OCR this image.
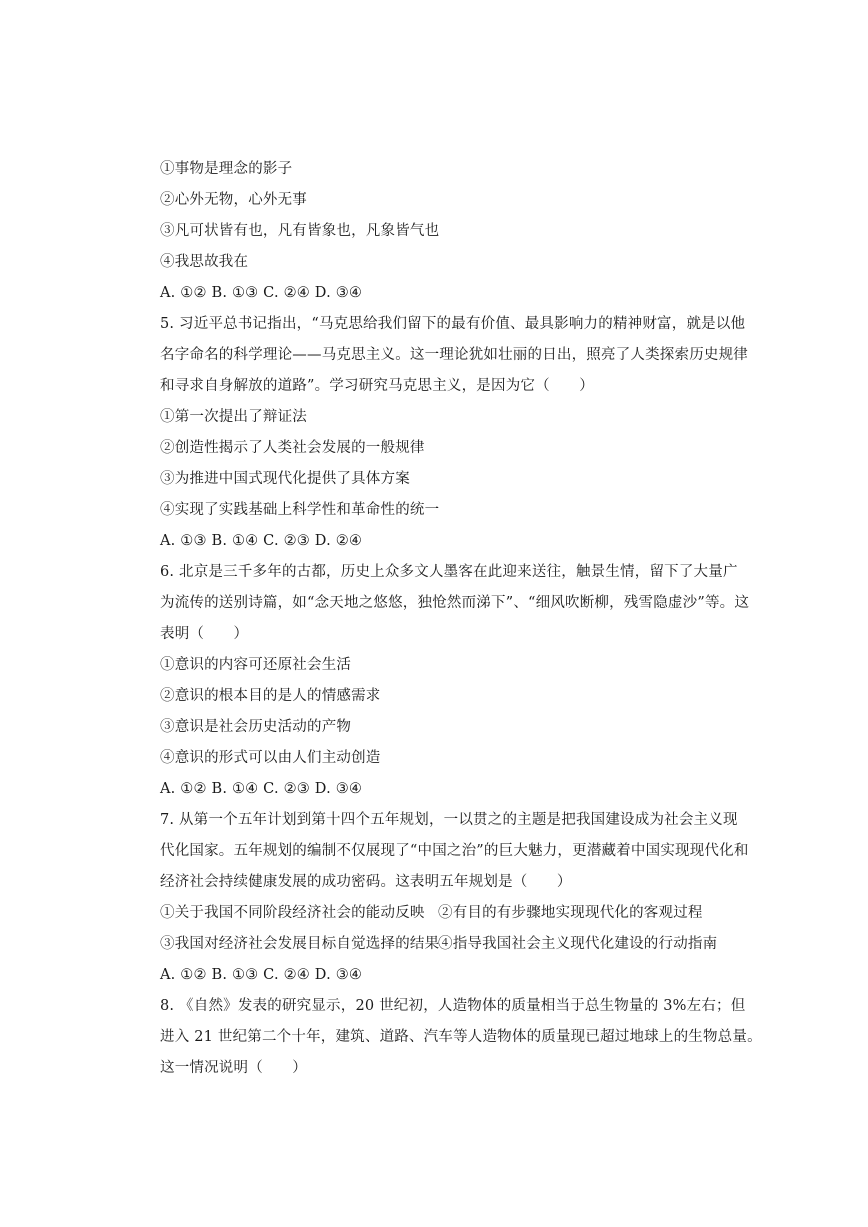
①事物是理念的影子
②心外无物，心外无事
③凡可状皆有也，凡有皆象也，凡象皆气也
④我思故我在
A. ①② B. ①③ C. ②④ D. ③④
5. 习近平总书记指出，“马克思给我们留下的最有价值、最具影响力的精神财富，就是以他
名字命名的科学理论——马克思主义。这一理论犹如壮丽的日出，照亮了人类探索历史规律
和寻求自身解放的道路”。学习研究马克思主义，是因为它（　　）
①第一次提出了辩证法
②创造性揭示了人类社会发展的一般规律
③为推进中国式现代化提供了具体方案
④实现了实践基础上科学性和革命性的统一
A. ①③ B. ①④ C. ②③ D. ②④
6. 北京是三千多年的古都，历史上众多文人墨客在此迎来送往，触景生情，留下了大量广
为流传的送别诗篇，如“念天地之悠悠，独怆然而涕下”、“细风吹断柳，残雪隐虚沙”等。这
表明（　　）
①意识的内容可还原社会生活
②意识的根本目的是人的情感需求
③意识是社会历史活动的产物
④意识的形式可以由人们主动创造
A. ①② B. ①④ C. ②③ D. ③④
7. 从第一个五年计划到第十四个五年规划，一以贯之的主题是把我国建设成为社会主义现
代化国家。五年规划的编制不仅展现了“中国之治”的巨大魅力，更潜藏着中国实现现代化和
经济社会持续健康发展的成功密码。这表明五年规划是（　　）
①关于我国不同阶段经济社会的能动反映 ②有目的有步骤地实现现代化的客观过程
③我国对经济社会发展目标自觉选择的结果
④指导我国社会主义现代化建设的行动指南
A. ①② B. ①③ C. ②④ D. ③④
8. 《自然》发表的研究显示，20 世纪初，人造物体的质量相当于总生物量的 3%左右；但
进入 21 世纪第二个十年，建筑、道路、汽车等人造物体的质量现已超过地球上的生物总量。
这一情况说明（　　）
